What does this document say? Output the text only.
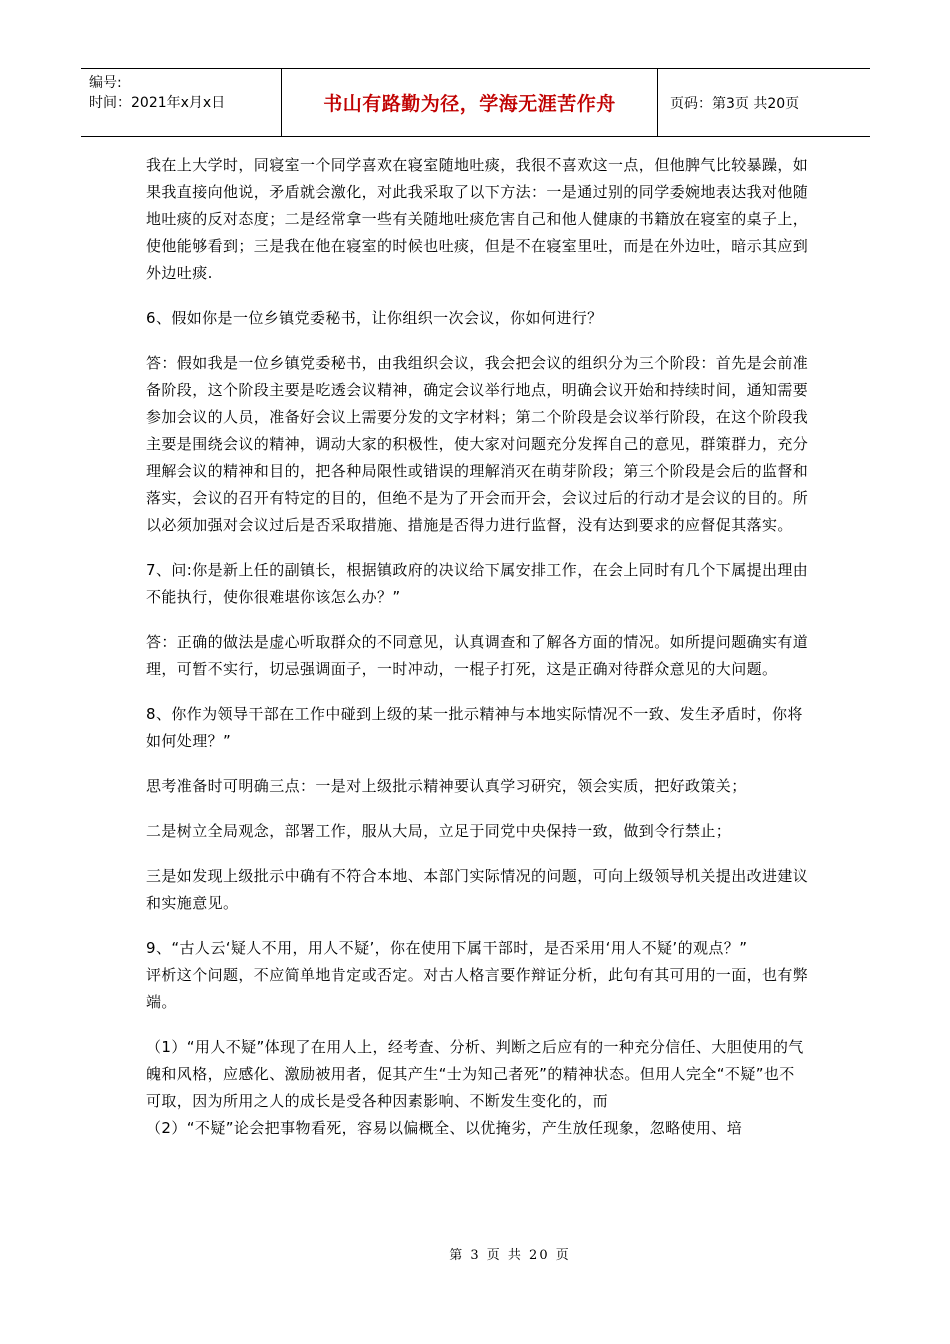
编号:
时间：2021年x月x日	书山有路勤为径，学海无涯苦作舟	页码：第3页 共20页

我在上大学时，同寝室一个同学喜欢在寝室随地吐痰，我很不喜欢这一点，但他脾气比较暴躁，如果我直接向他说，矛盾就会激化，对此我采取了以下方法：一是通过别的同学委婉地表达我对他随地吐痰的反对态度；二是经常拿一些有关随地吐痰危害自己和他人健康的书籍放在寝室的桌子上，使他能够看到；三是我在他在寝室的时候也吐痰，但是不在寝室里吐，而是在外边吐，暗示其应到外边吐痰.

6、假如你是一位乡镇党委秘书，让你组织一次会议，你如何进行？

答：假如我是一位乡镇党委秘书，由我组织会议，我会把会议的组织分为三个阶段：首先是会前准备阶段，这个阶段主要是吃透会议精神，确定会议举行地点，明确会议开始和持续时间，通知需要参加会议的人员，准备好会议上需要分发的文字材料；第二个阶段是会议举行阶段，在这个阶段我主要是围绕会议的精神，调动大家的积极性，使大家对问题充分发挥自己的意见，群策群力，充分理解会议的精神和目的，把各种局限性或错误的理解消灭在萌芽阶段；第三个阶段是会后的监督和落实，会议的召开有特定的目的，但绝不是为了开会而开会，会议过后的行动才是会议的目的。所以必须加强对会议过后是否采取措施、措施是否得力进行监督，没有达到要求的应督促其落实。

7、问:你是新上任的副镇长，根据镇政府的决议给下属安排工作，在会上同时有几个下属提出理由不能执行，使你很难堪你该怎么办？”

答：正确的做法是虚心听取群众的不同意见，认真调查和了解各方面的情况。如所提问题确实有道理，可暂不实行，切忌强调面子，一时冲动，一棍子打死，这是正确对待群众意见的大问题。

8、你作为领导干部在工作中碰到上级的某一批示精神与本地实际情况不一致、发生矛盾时，你将如何处理？”

思考准备时可明确三点：一是对上级批示精神要认真学习研究，领会实质，把好政策关；

二是树立全局观念，部署工作，服从大局，立足于同党中央保持一致，做到令行禁止；

三是如发现上级批示中确有不符合本地、本部门实际情况的问题，可向上级领导机关提出改进建议和实施意见。

9、“古人云‘疑人不用，用人不疑’，你在使用下属干部时，是否采用‘用人不疑’的观点？”

评析这个问题，不应简单地肯定或否定。对古人格言要作辩证分析，此句有其可用的一面，也有弊端。

（1）“用人不疑”体现了在用人上，经考查、分析、判断之后应有的一种充分信任、大胆使用的气魄和风格，应感化、激励被用者，促其产生“士为知己者死”的精神状态。但用人完全“不疑”也不可取，因为所用之人的成长是受各种因素影响、不断发生变化的，而

（2）“不疑”论会把事物看死，容易以偏概全、以优掩劣，产生放任现象，忽略使用、培

第 3 页 共 20 页
